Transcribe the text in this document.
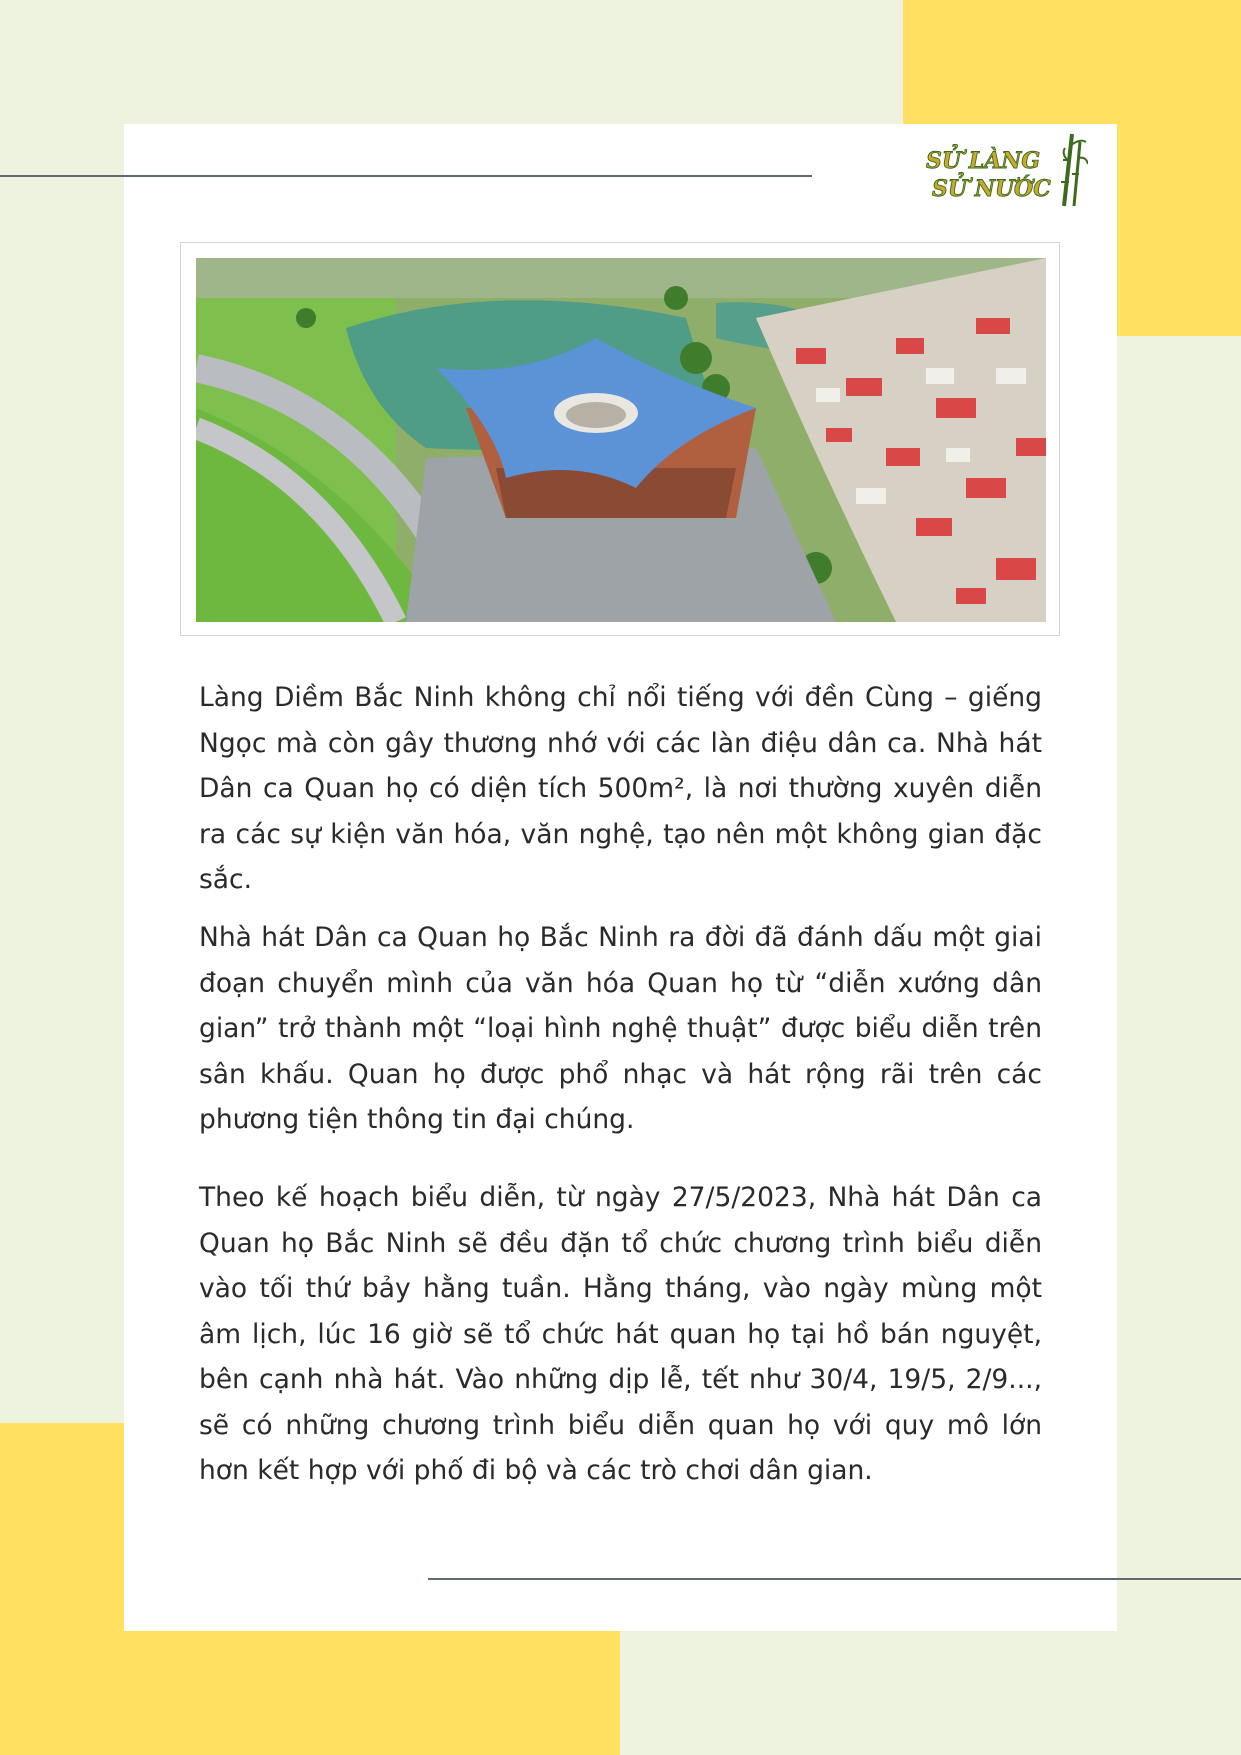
SỬ LÀNG
SỬ NƯỚC

Làng Diềm Bắc Ninh không chỉ nổi tiếng với đền Cùng – giếng Ngọc mà còn gây thương nhớ với các làn điệu dân ca. Nhà hát Dân ca Quan họ có diện tích 500m², là nơi thường xuyên diễn ra các sự kiện văn hóa, văn nghệ, tạo nên một không gian đặc sắc.

Nhà hát Dân ca Quan họ Bắc Ninh ra đời đã đánh dấu một giai đoạn chuyển mình của văn hóa Quan họ từ “diễn xướng dân gian” trở thành một “loại hình nghệ thuật” được biểu diễn trên sân khấu. Quan họ được phổ nhạc và hát rộng rãi trên các phương tiện thông tin đại chúng.

Theo kế hoạch biểu diễn, từ ngày 27/5/2023, Nhà hát Dân ca Quan họ Bắc Ninh sẽ đều đặn tổ chức chương trình biểu diễn vào tối thứ bảy hằng tuần. Hằng tháng, vào ngày mùng một âm lịch, lúc 16 giờ sẽ tổ chức hát quan họ tại hồ bán nguyệt, bên cạnh nhà hát. Vào những dịp lễ, tết như 30/4, 19/5, 2/9..., sẽ có những chương trình biểu diễn quan họ với quy mô lớn hơn kết hợp với phố đi bộ và các trò chơi dân gian.
